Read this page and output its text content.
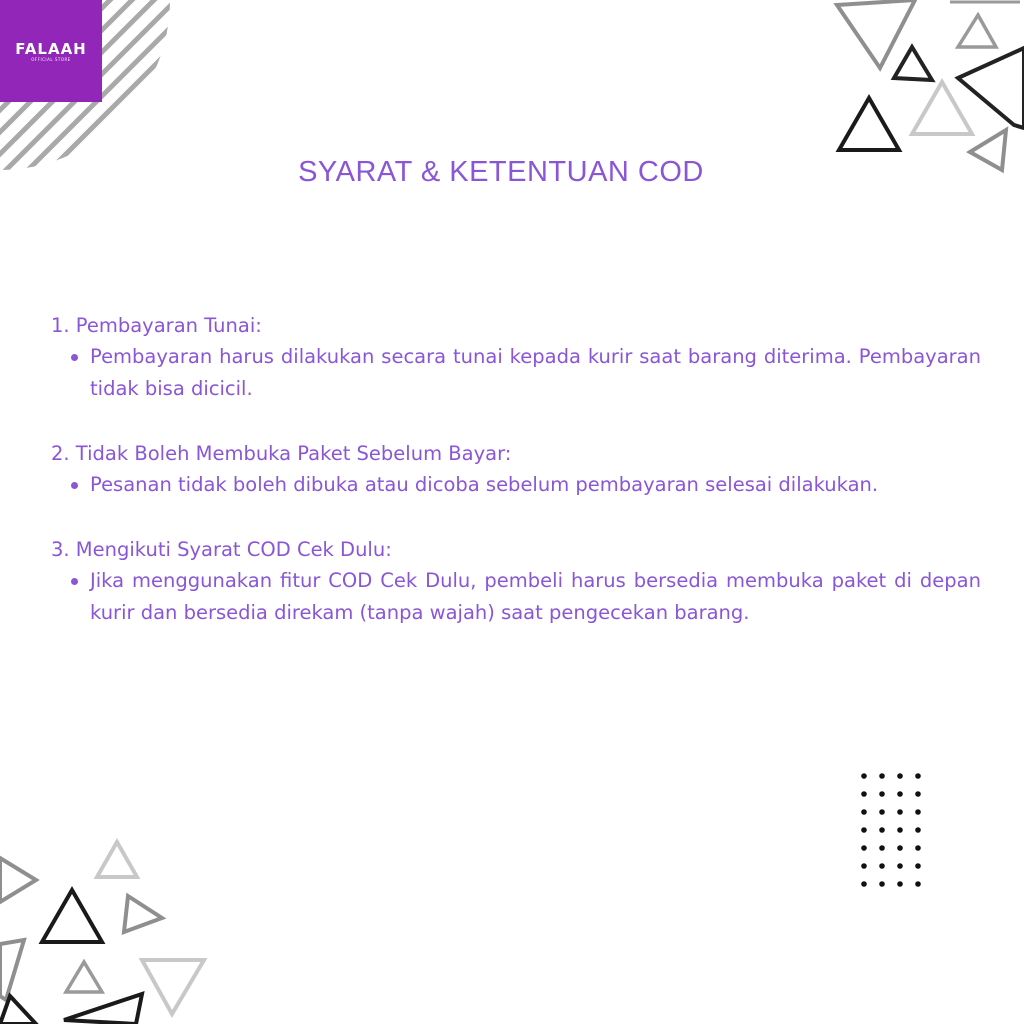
FALAAH
OFFICIAL STORE
SYARAT & KETENTUAN COD
1. Pembayaran Tunai:
Pembayaran harus dilakukan secara tunai kepada kurir saat barang diterima. Pembayaran tidak bisa dicicil.
2. Tidak Boleh Membuka Paket Sebelum Bayar:
Pesanan tidak boleh dibuka atau dicoba sebelum pembayaran selesai dilakukan.
3. Mengikuti Syarat COD Cek Dulu:
Jika menggunakan fitur COD Cek Dulu, pembeli harus bersedia membuka paket di depan kurir dan bersedia direkam (tanpa wajah) saat pengecekan barang.
